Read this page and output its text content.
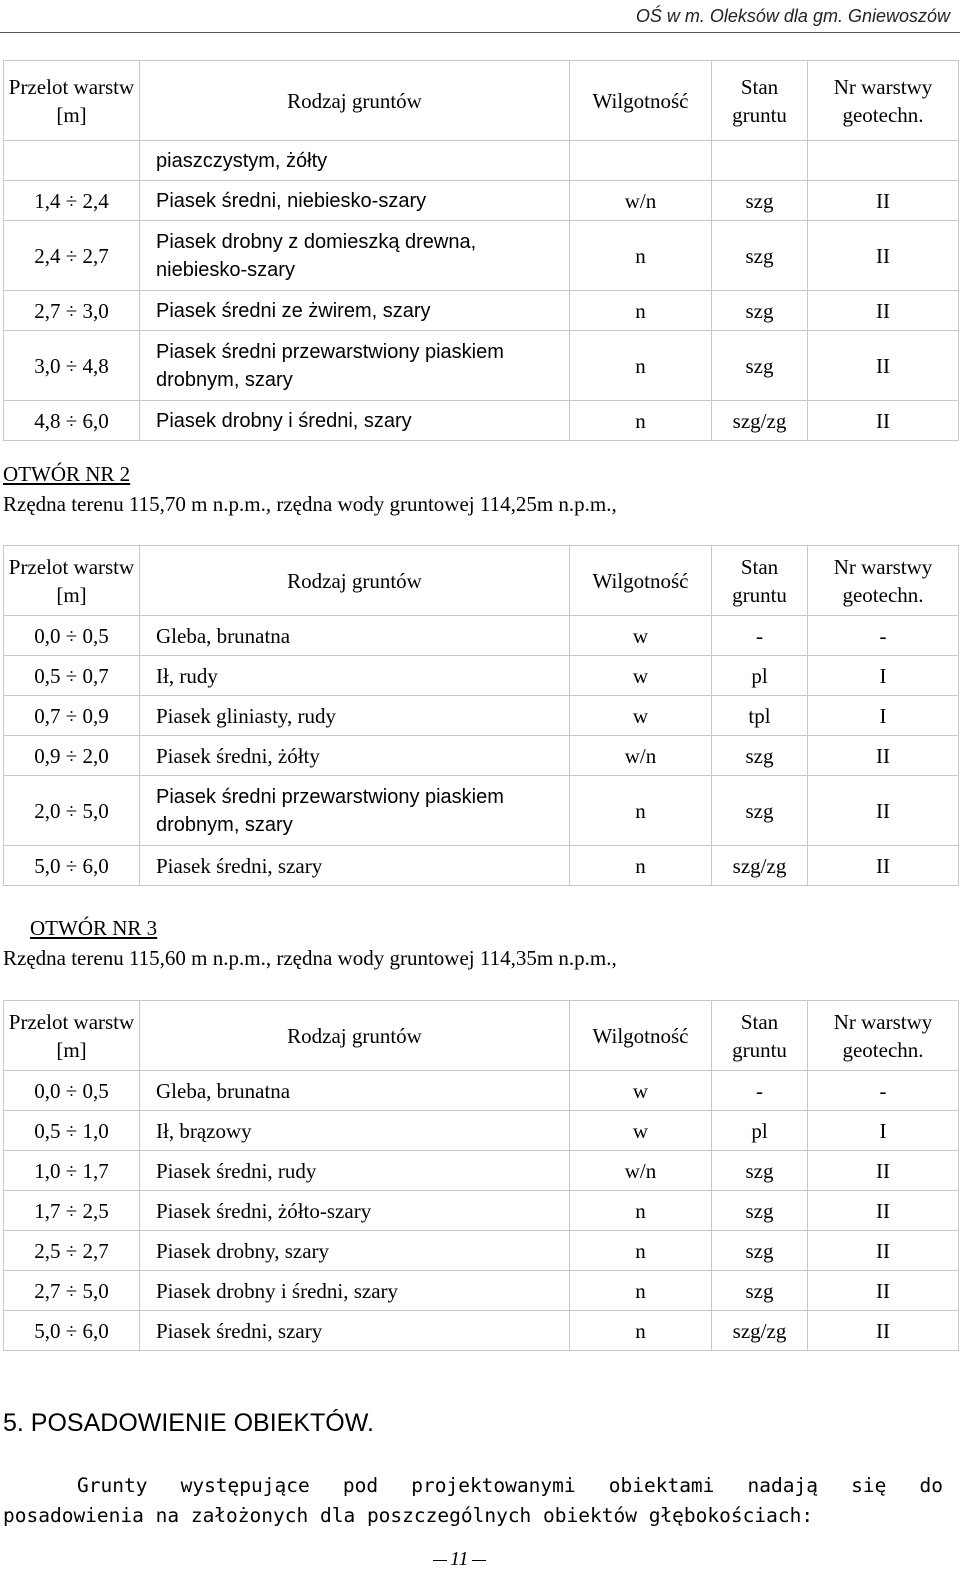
OŚ w m. Oleksów dla gm. Gniewoszów
Przelot warstw [m]	Rodzaj gruntów	Wilgotność	Stan gruntu	Nr warstwy geotechn.
	piaszczystym, żółty			
1,4 ÷ 2,4	Piasek średni, niebiesko-szary	w/n	szg	II
2,4 ÷ 2,7	Piasek drobny z domieszką drewna, niebiesko-szary	n	szg	II
2,7 ÷ 3,0	Piasek średni ze żwirem, szary	n	szg	II
3,0 ÷ 4,8	Piasek średni przewarstwiony piaskiem drobnym, szary	n	szg	II
4,8 ÷ 6,0	Piasek drobny i średni, szary	n	szg/zg	II
OTWÓR NR 2
Rzędna terenu 115,70 m n.p.m., rzędna wody gruntowej 114,25m n.p.m.,
Przelot warstw [m]	Rodzaj gruntów	Wilgotność	Stan gruntu	Nr warstwy geotechn.
0,0 ÷ 0,5	Gleba, brunatna	w	-	-
0,5 ÷ 0,7	Ił, rudy	w	pl	I
0,7 ÷ 0,9	Piasek gliniasty, rudy	w	tpl	I
0,9 ÷ 2,0	Piasek średni, żółty	w/n	szg	II
2,0 ÷ 5,0	Piasek średni przewarstwiony piaskiem drobnym, szary	n	szg	II
5,0 ÷ 6,0	Piasek średni, szary	n	szg/zg	II
OTWÓR NR 3
Rzędna terenu 115,60 m n.p.m., rzędna wody gruntowej 114,35m n.p.m.,
Przelot warstw [m]	Rodzaj gruntów	Wilgotność	Stan gruntu	Nr warstwy geotechn.
0,0 ÷ 0,5	Gleba, brunatna	w	-	-
0,5 ÷ 1,0	Ił, brązowy	w	pl	I
1,0 ÷ 1,7	Piasek średni, rudy	w/n	szg	II
1,7 ÷ 2,5	Piasek średni, żółto-szary	n	szg	II
2,5 ÷ 2,7	Piasek drobny, szary	n	szg	II
2,7 ÷ 5,0	Piasek drobny i średni, szary	n	szg	II
5,0 ÷ 6,0	Piasek średni, szary	n	szg/zg	II
5. POSADOWIENIE OBIEKTÓW.
Grunty występujące pod projektowanymi obiektami nadają się do posadowienia na założonych dla poszczególnych obiektów głębokościach:
11
